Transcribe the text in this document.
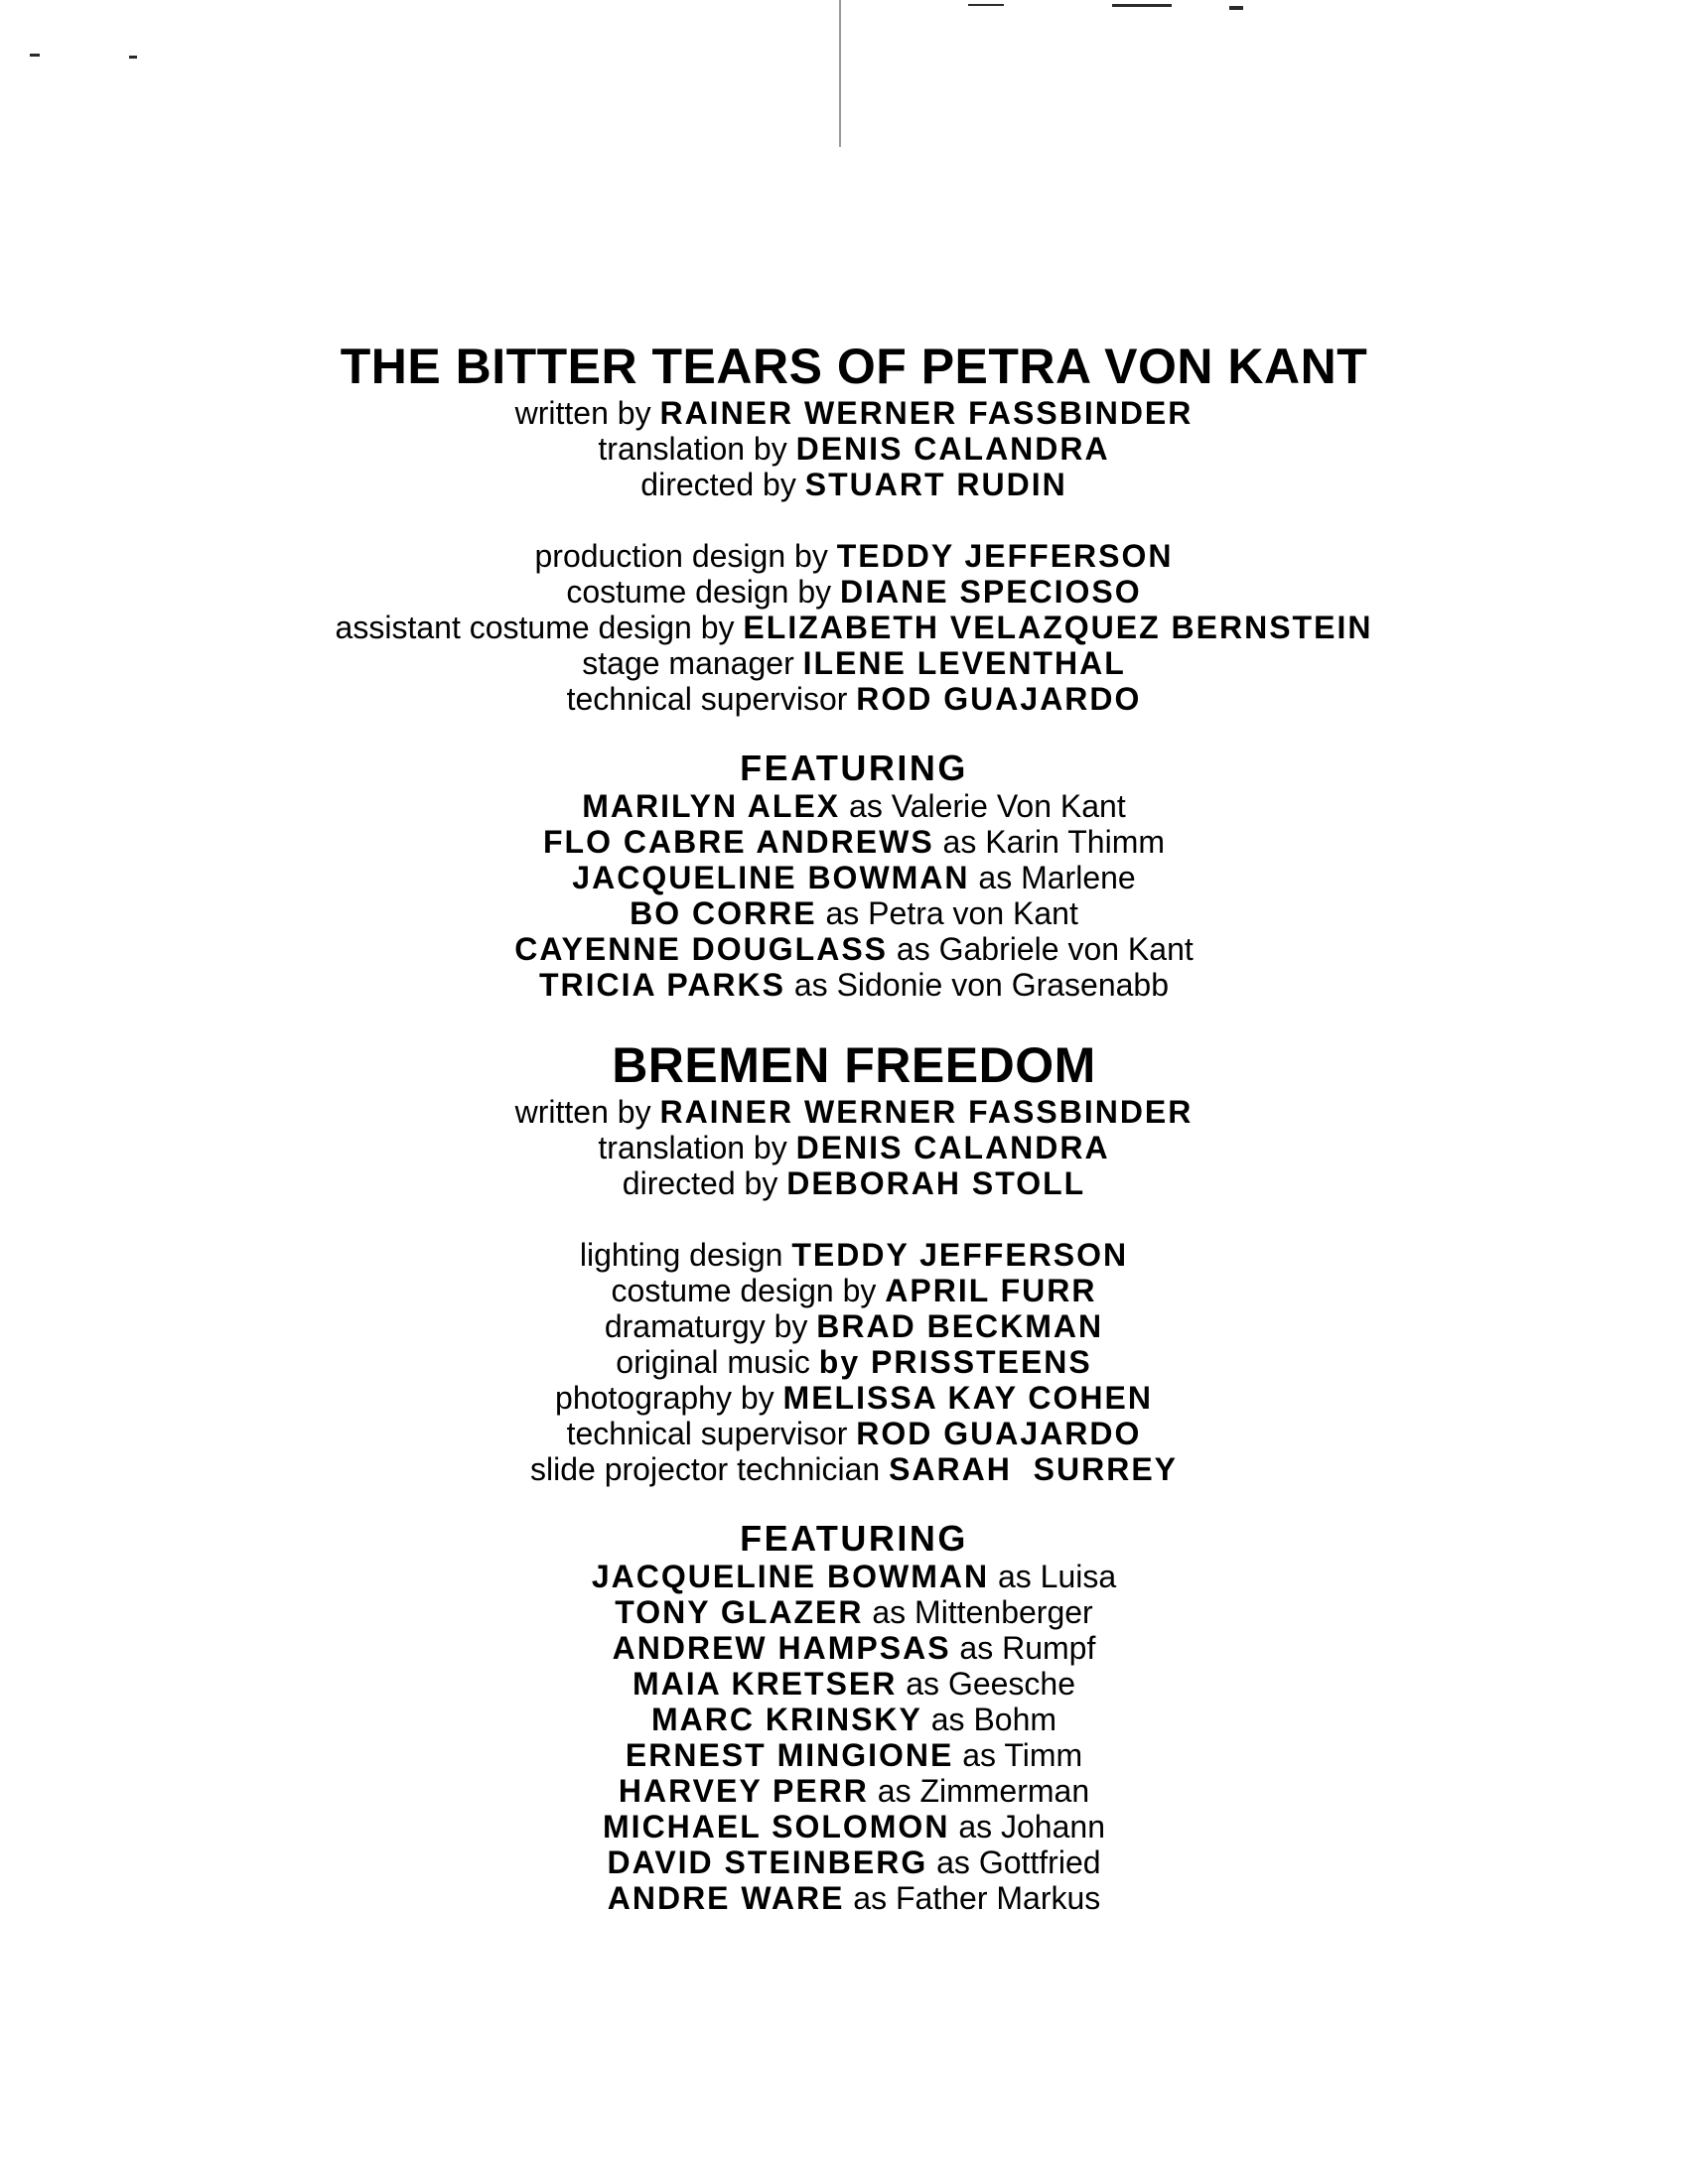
THE BITTER TEARS OF PETRA VON KANT
written by RAINER WERNER FASSBINDER
translation by DENIS CALANDRA
directed by STUART RUDIN
production design by TEDDY JEFFERSON
costume design by DIANE SPECIOSO
assistant costume design by ELIZABETH VELAZQUEZ BERNSTEIN
stage manager ILENE LEVENTHAL
technical supervisor ROD GUAJARDO
FEATURING
MARILYN ALEX as Valerie Von Kant
FLO CABRE ANDREWS as Karin Thimm
JACQUELINE BOWMAN as Marlene
BO CORRE as Petra von Kant
CAYENNE DOUGLASS as Gabriele von Kant
TRICIA PARKS as Sidonie von Grasenabb
BREMEN FREEDOM
written by RAINER WERNER FASSBINDER
translation by DENIS CALANDRA
directed by DEBORAH STOLL
lighting design TEDDY JEFFERSON
costume design by APRIL FURR
dramaturgy by BRAD BECKMAN
original music by PRISSTEENS
photography by MELISSA KAY COHEN
technical supervisor ROD GUAJARDO
slide projector technician SARAH  SURREY
FEATURING
JACQUELINE BOWMAN as Luisa
TONY GLAZER as Mittenberger
ANDREW HAMPSAS as Rumpf
MAIA KRETSER as Geesche
MARC KRINSKY as Bohm
ERNEST MINGIONE as Timm
HARVEY PERR as Zimmerman
MICHAEL SOLOMON as Johann
DAVID STEINBERG as Gottfried
ANDRE WARE as Father Markus
